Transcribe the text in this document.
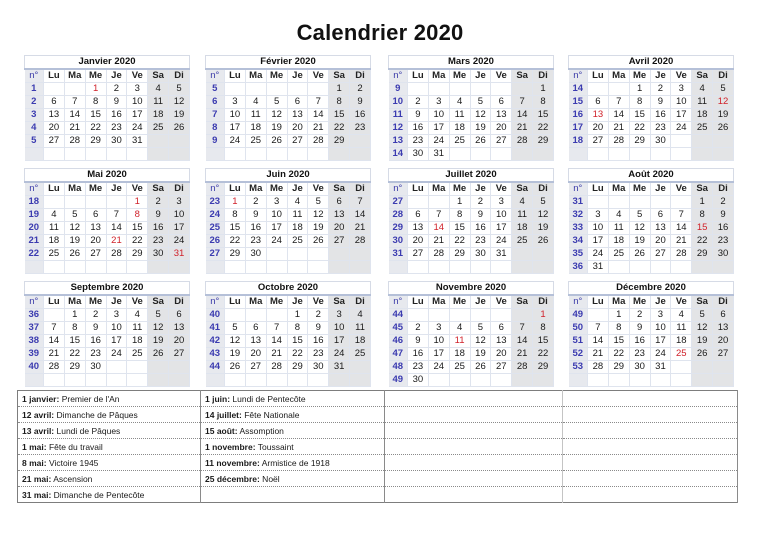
Calendrier 2020
Janvier 2020							
n°	Lu	Ma	Me	Je	Ve	Sa	Di
1			1	2	3	4	5
2	6	7	8	9	10	11	12
3	13	14	15	16	17	18	19
4	20	21	22	23	24	25	26
5	27	28	29	30	31		

Février 2020							
n°	Lu	Ma	Me	Je	Ve	Sa	Di
5						1	2
6	3	4	5	6	7	8	9
7	10	11	12	13	14	15	16
8	17	18	19	20	21	22	23
9	24	25	26	27	28	29	

Mars 2020							
n°	Lu	Ma	Me	Je	Ve	Sa	Di
9							1
10	2	3	4	5	6	7	8
11	9	10	11	12	13	14	15
12	16	17	18	19	20	21	22
13	23	24	25	26	27	28	29
14	30	31					
Avril 2020							
n°	Lu	Ma	Me	Je	Ve	Sa	Di
14			1	2	3	4	5
15	6	7	8	9	10	11	12
16	13	14	15	16	17	18	19
17	20	21	22	23	24	25	26
18	27	28	29	30			

Mai 2020							
n°	Lu	Ma	Me	Je	Ve	Sa	Di
18					1	2	3
19	4	5	6	7	8	9	10
20	11	12	13	14	15	16	17
21	18	19	20	21	22	23	24
22	25	26	27	28	29	30	31

Juin 2020							
n°	Lu	Ma	Me	Je	Ve	Sa	Di
23	1	2	3	4	5	6	7
24	8	9	10	11	12	13	14
25	15	16	17	18	19	20	21
26	22	23	24	25	26	27	28
27	29	30					

Juillet 2020							
n°	Lu	Ma	Me	Je	Ve	Sa	Di
27			1	2	3	4	5
28	6	7	8	9	10	11	12
29	13	14	15	16	17	18	19
30	20	21	22	23	24	25	26
31	27	28	29	30	31		

Août 2020							
n°	Lu	Ma	Me	Je	Ve	Sa	Di
31						1	2
32	3	4	5	6	7	8	9
33	10	11	12	13	14	15	16
34	17	18	19	20	21	22	23
35	24	25	26	27	28	29	30
36	31						
Septembre 2020							
n°	Lu	Ma	Me	Je	Ve	Sa	Di
36		1	2	3	4	5	6
37	7	8	9	10	11	12	13
38	14	15	16	17	18	19	20
39	21	22	23	24	25	26	27
40	28	29	30				

Octobre 2020							
n°	Lu	Ma	Me	Je	Ve	Sa	Di
40				1	2	3	4
41	5	6	7	8	9	10	11
42	12	13	14	15	16	17	18
43	19	20	21	22	23	24	25
44	26	27	28	29	30	31	

Novembre 2020							
n°	Lu	Ma	Me	Je	Ve	Sa	Di
44							1
45	2	3	4	5	6	7	8
46	9	10	11	12	13	14	15
47	16	17	18	19	20	21	22
48	23	24	25	26	27	28	29
49	30						
Décembre 2020							
n°	Lu	Ma	Me	Je	Ve	Sa	Di
49		1	2	3	4	5	6
50	7	8	9	10	11	12	13
51	14	15	16	17	18	19	20
52	21	22	23	24	25	26	27
53	28	29	30	31			

1 janvier: Premier de l'An	1 juin: Lundi de Pentecôte		
12 avril: Dimanche de Pâques	14 juillet: Fête Nationale		
13 avril: Lundi de Pâques	15 août: Assomption		
1 mai: Fête du travail	1 novembre: Toussaint		
8 mai: Victoire 1945	11 novembre: Armistice de 1918		
21 mai: Ascension	25 décembre: Noël		
31 mai: Dimanche de Pentecôte			
